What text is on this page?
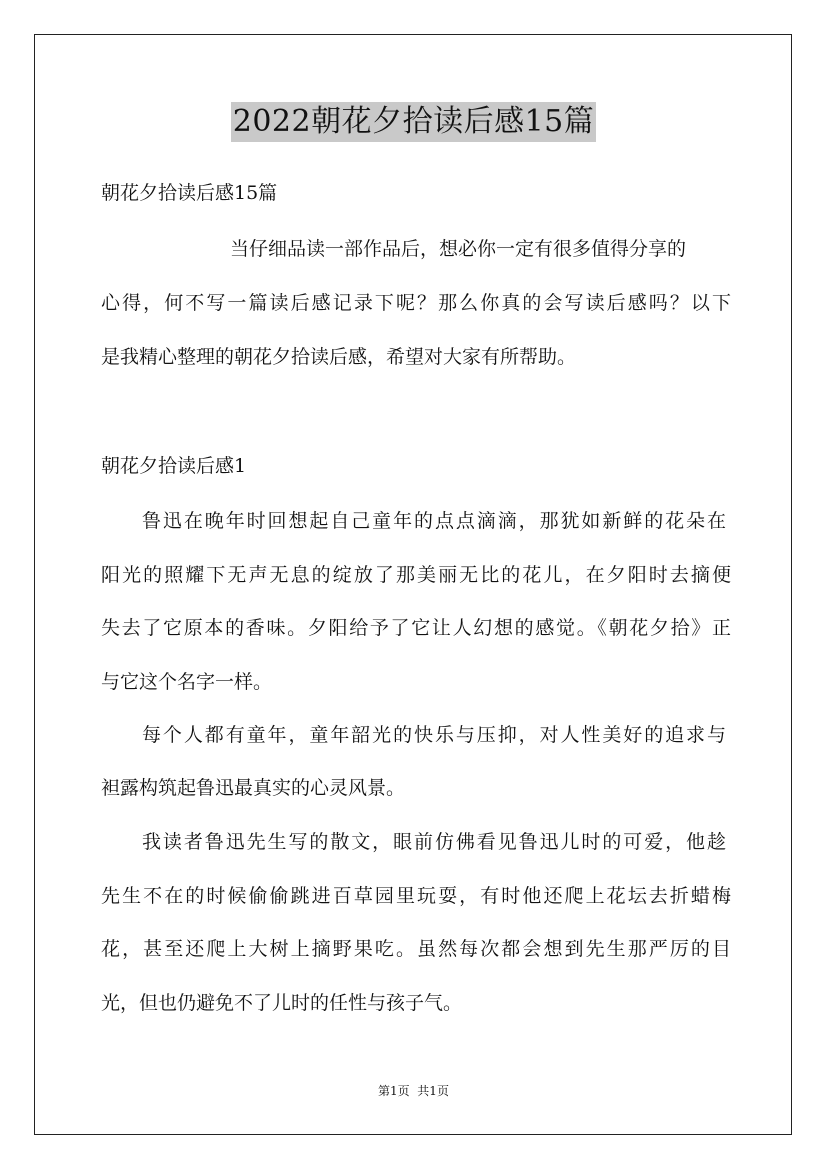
2022朝花夕拾读后感15篇
朝花夕拾读后感15篇
当仔细品读一部作品后，想必你一定有很多值得分享的
心得，何不写一篇读后感记录下呢？那么你真的会写读后感吗？以下
是我精心整理的朝花夕拾读后感，希望对大家有所帮助。
朝花夕拾读后感1
鲁迅在晚年时回想起自己童年的点点滴滴，那犹如新鲜的花朵在
阳光的照耀下无声无息的绽放了那美丽无比的花儿，在夕阳时去摘便
失去了它原本的香味。夕阳给予了它让人幻想的感觉。《朝花夕拾》正
与它这个名字一样。
每个人都有童年，童年韶光的快乐与压抑，对人性美好的追求与
袒露构筑起鲁迅最真实的心灵风景。
我读者鲁迅先生写的散文，眼前仿佛看见鲁迅儿时的可爱，他趁
先生不在的时候偷偷跳进百草园里玩耍，有时他还爬上花坛去折蜡梅
花，甚至还爬上大树上摘野果吃。虽然每次都会想到先生那严厉的目
光，但也仍避免不了儿时的任性与孩子气。
第1页  共1页
